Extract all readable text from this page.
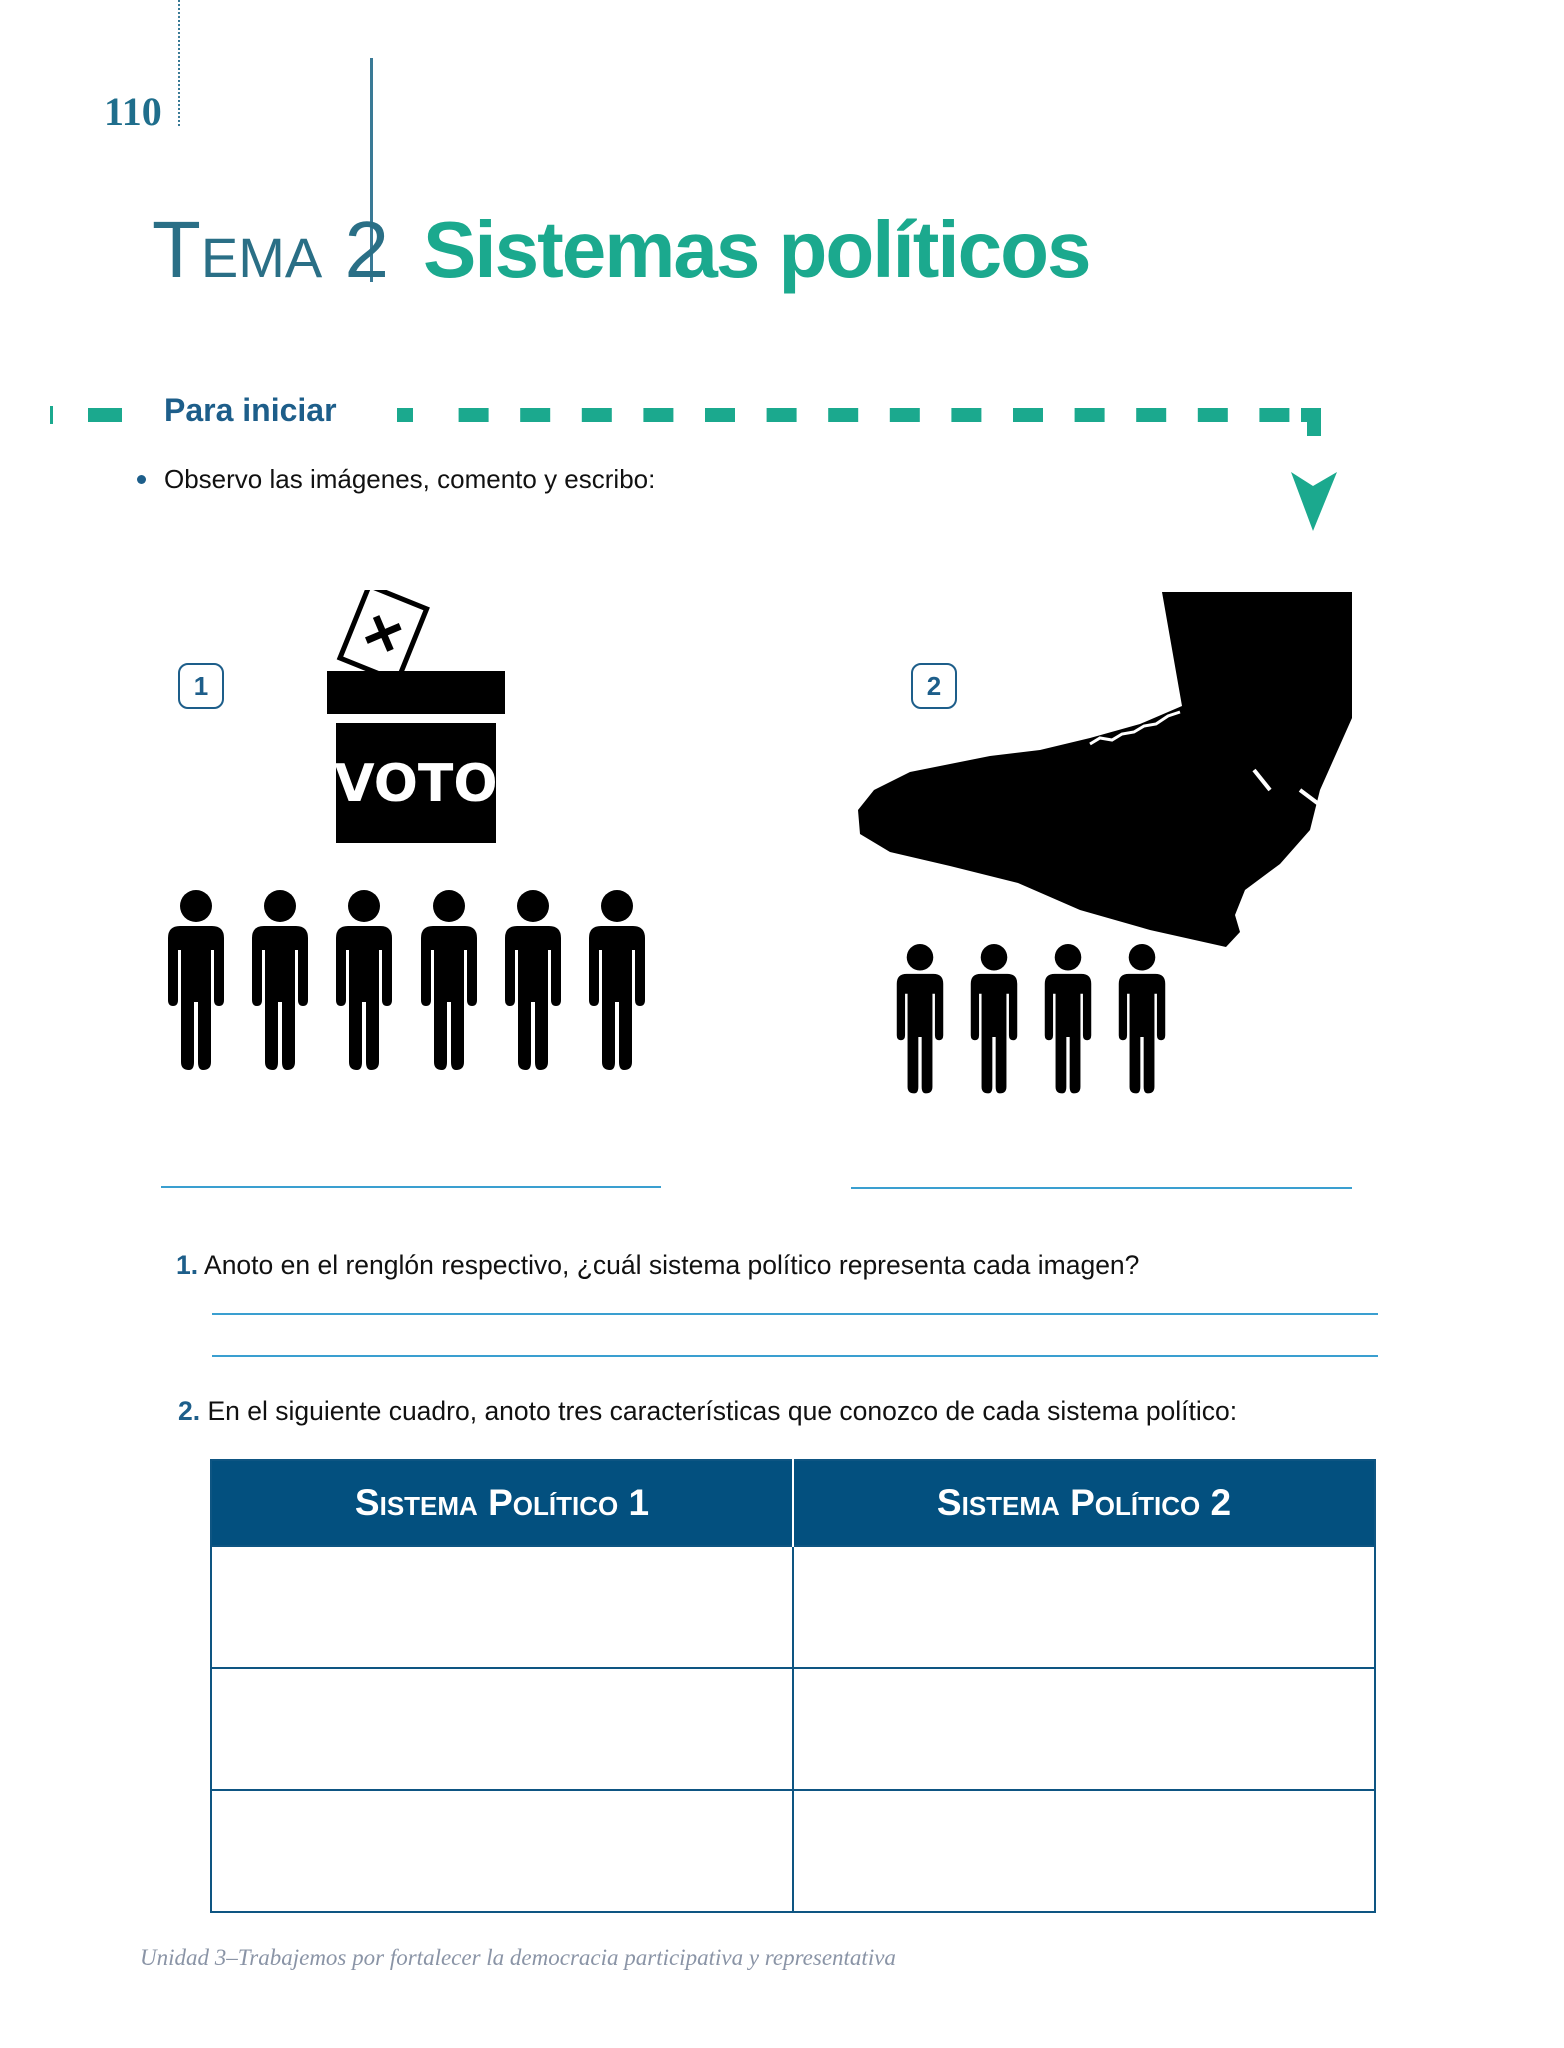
110
Tema 2 Sistemas políticos
Para iniciar
Observo las imágenes, comento y escribo:
1
VOTO
2
1. Anoto en el renglón respectivo, ¿cuál sistema político representa cada imagen?
2. En el siguiente cuadro, anoto tres características que conozco de cada sistema político:
Sistema Político 1	Sistema Político 2

Unidad 3–Trabajemos por fortalecer la democracia participativa y representativa
